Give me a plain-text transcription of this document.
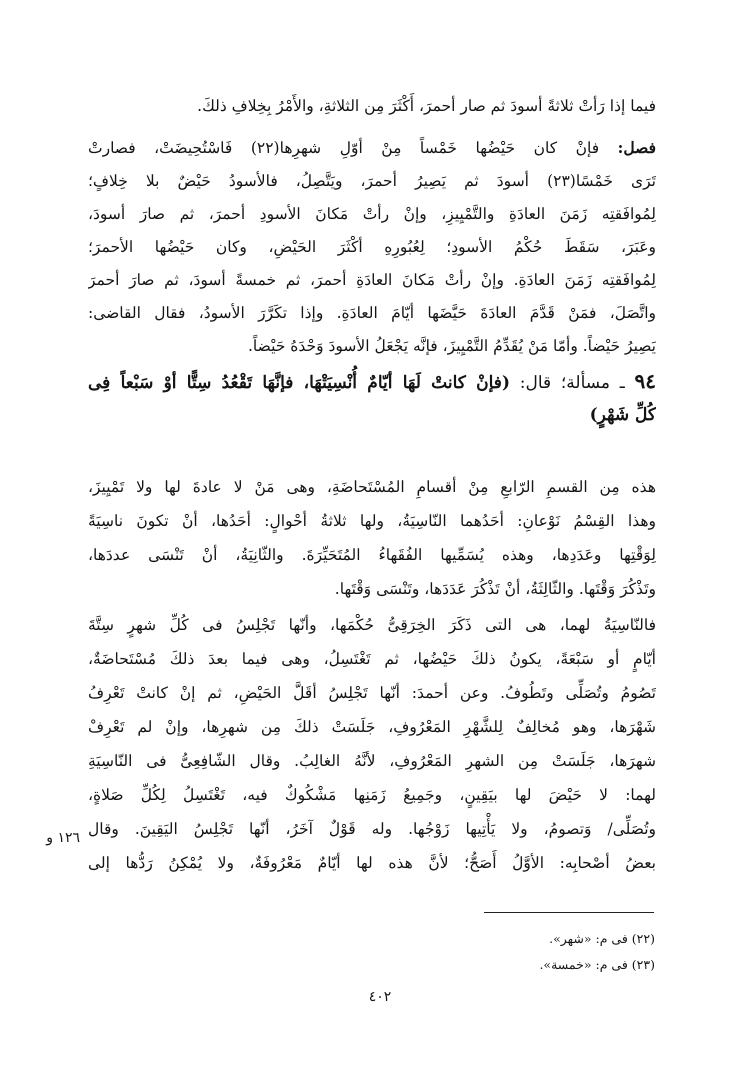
فيما إذا رَأتْ ثلاثةً أسودَ ثم صار أحمرَ، أَكْثَرَ مِن الثلاثةِ، والأَمْرُ بِخِلافِ ذلكَ.
فصل: فإنْ كان حَيْضُها خَمْساً مِنْ أوّلِ شهرِها(٢٢) فَاسْتُحِيضَتْ، فصارتْ
تَرَى خَمْسًا(٢٣) أسودَ ثم يَصِيرُ أحمرَ، ويَتَّصِلُ، فالأسودُ حَيْضٌ بلا خِلافٍ؛
لِمُوافَقتِه زَمَنَ العادَةِ والتَّمْيِيزِ، وإنْ رأتْ مَكانَ الأسودِ أحمرَ، ثم صارَ أسودَ،
وعَبَرَ، سَقَطَ حُكْمُ الأسودِ؛ لِعُبُورِهِ أكْثَرَ الحَيْضِ، وكان حَيْضُها الأحمرَ؛
لِمُوافَقتِه زَمَنَ العادَةِ. وإنْ رأتْ مَكانَ العادَةِ أحمرَ، ثم خمسةً أسودَ، ثم صارَ أحمرَ
واتَّصَلَ، فمَنْ قَدَّمَ العادَةَ حَيَّضَها أيّامَ العادَةِ. وإذا تكَرَّرَ الأسودُ، فقال القاضى:
يَصِيرُ حَيْضاً. وأمّا مَنْ يُقَدِّمُ التَّمْيِيزَ، فإنَّه يَجْعَلُ الأسودَ وَحْدَهُ حَيْضاً.
٩٤ ـ مسألة؛ قال: (فإنْ كانتْ لَهَا أيّامٌ أُنْسِيَتْهَا، فإنَّهَا تَقْعُدُ سِتًّا أوْ سَبْعاً فِى
كُلِّ شَهْرٍ)
هذه مِن القسمِ الرّابعِ مِنْ أقسامِ المُسْتَحاضَةِ، وهى مَنْ لا عادةَ لها ولا تَمْيِيزَ،
وهذا القِسْمُ نَوْعانِ: أحَدُهما النّاسِيَةُ، ولها ثلاثةُ أحْوالٍ: أحَدُها، أنْ تكونَ ناسِيَةً
لِوَقْتِها وعَدَدِها، وهذه يُسَمِّيها الفُقَهاءُ المُتَحَيِّرَةَ. والثّانِيَةُ، أنْ تَنْسَى عددَها،
وتَذْكُرَ وَقْتَها. والثّالِثَةُ، أنْ تَذْكُرَ عَدَدَها، وتَنْسَى وَقْتَها.
فالنّاسِيَةُ لهما، هى التى ذَكَرَ الخِرَقِىُّ حُكْمَها، وأنّها تَجْلِسُ فى كُلِّ شهرٍ سِتَّةَ
أيّامٍ أو سَبْعَةً، يكونُ ذلكَ حَيْضُها، ثم تَغْتَسِلُ، وهى فيما بعدَ ذلكَ مُسْتَحاضَةٌ،
تَصُومُ وتُصَلِّى وتَطُوفُ. وعن أحمدَ: أنّها تَجْلِسُ أقَلَّ الحَيْضِ، ثم إنْ كانتْ تَعْرِفُ
شَهْرَها، وهو مُخالِفٌ لِلشَّهْرِ المَعْرُوفِ، جَلَسَتْ ذلكَ مِن شهرِها، وإنْ لم تَعْرِفْ
شهرَها، جَلَسَتْ مِن الشهرِ المَعْرُوفِ، لأنَّهُ الغالِبُ. وقال الشّافِعِىُّ فى النّاسِيَةِ
لهما: لا حَيْضَ لها بيَقِينٍ، وجَمِيعُ زَمَنِها مَشْكُوكٌ فيه، تَغْتَسِلُ لِكُلِّ صَلاةٍ،
وتُصَلِّى/ وَتصومُ، ولا يَأْتِيها زَوْجُها. وله قَوْلٌ آخَرُ، أنّها تَجْلِسُ اليَقِينَ. وقال
بعضُ أصْحابِه: الأوَّلُ أَصَحُّ؛ لأنَّ هذه لها أيّامٌ مَعْرُوفَةٌ، ولا يُمْكِنُ رَدُّها إلى
١٢٦ و
(٢٢) فى م: «شهر».
(٢٣) فى م: «خمسة».
٤٠٢
